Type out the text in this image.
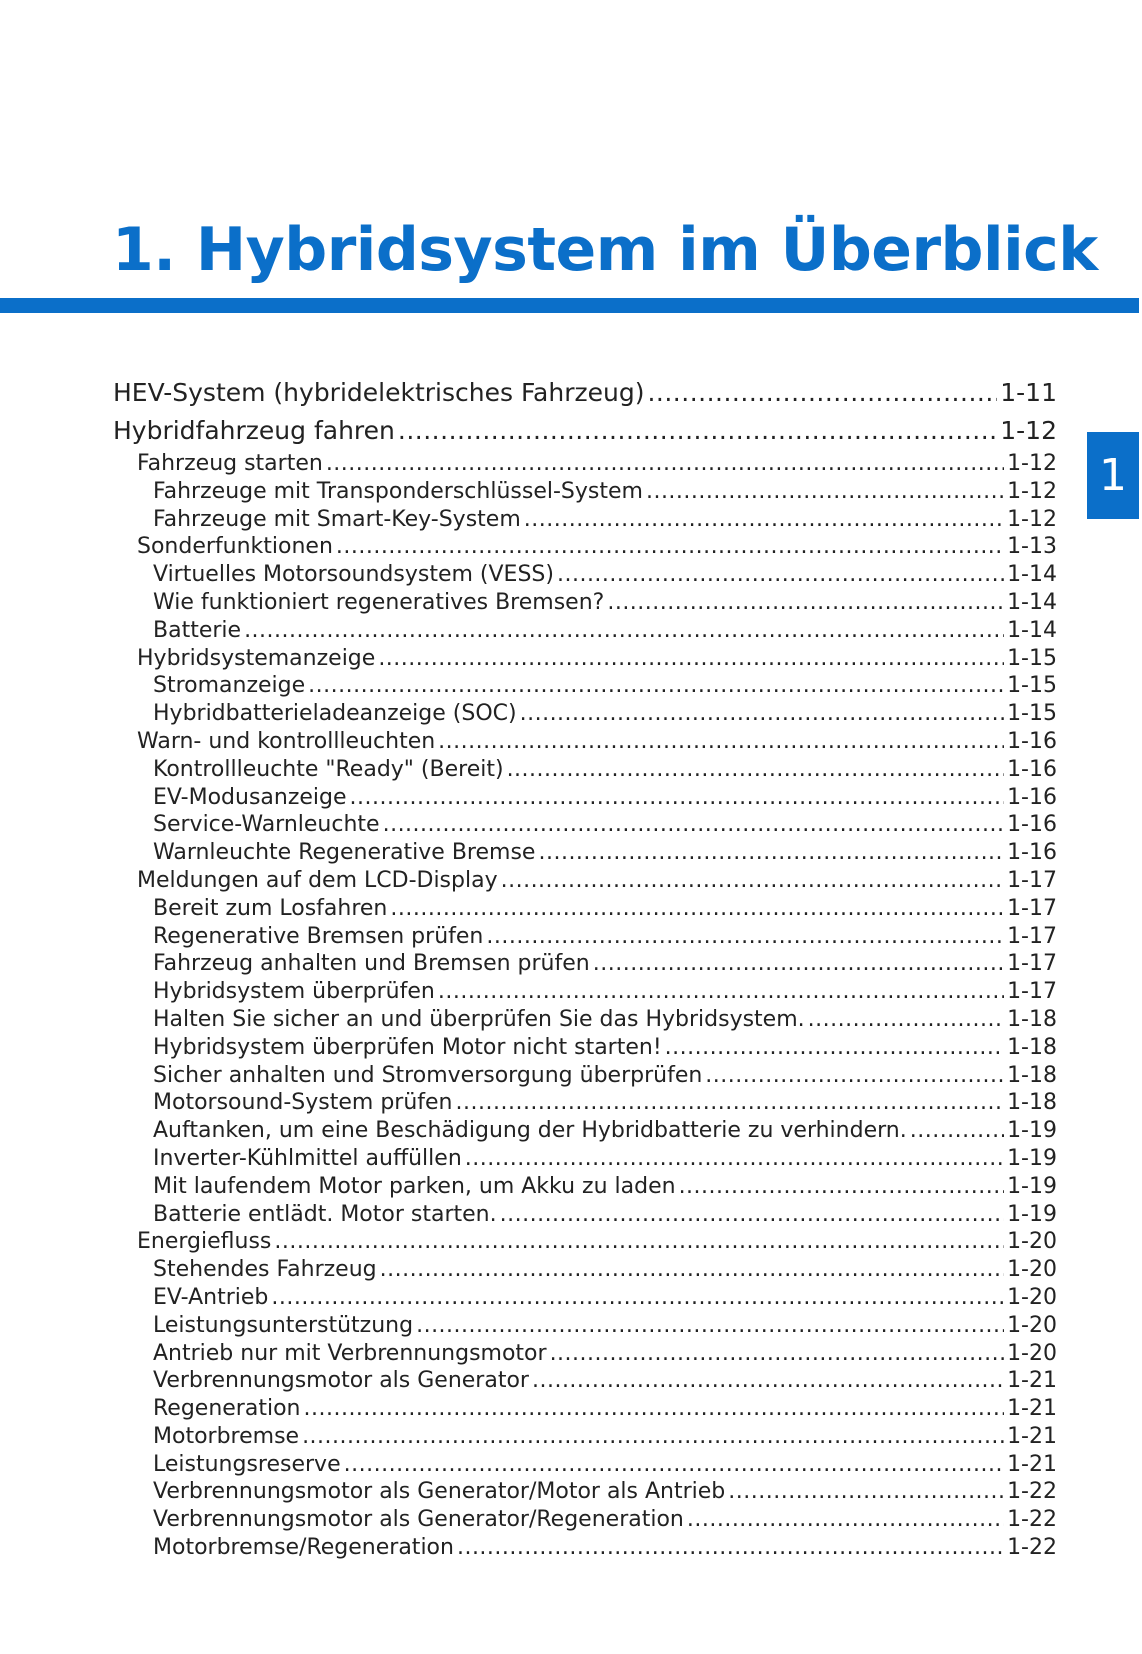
1. Hybridsystem im Überblick
1
HEV-System (hybridelektrisches Fahrzeug) .....	1-11
Hybridfahrzeug fahren .....	1-12
Fahrzeug starten .....	1-12
Fahrzeuge mit Transponderschlüssel-System .....	1-12
Fahrzeuge mit Smart-Key-System .....	1-12
Sonderfunktionen .....	1-13
Virtuelles Motorsoundsystem (VESS) .....	1-14
Wie funktioniert regeneratives Bremsen? .....	1-14
Batterie .....	1-14
Hybridsystemanzeige .....	1-15
Stromanzeige .....	1-15
Hybridbatterieladeanzeige (SOC) .....	1-15
Warn- und kontrollleuchten .....	1-16
Kontrollleuchte "Ready" (Bereit) .....	1-16
EV-Modusanzeige .....	1-16
Service-Warnleuchte .....	1-16
Warnleuchte Regenerative Bremse .....	1-16
Meldungen auf dem LCD-Display .....	1-17
Bereit zum Losfahren .....	1-17
Regenerative Bremsen prüfen .....	1-17
Fahrzeug anhalten und Bremsen prüfen .....	1-17
Hybridsystem überprüfen .....	1-17
Halten Sie sicher an und überprüfen Sie das Hybridsystem. .....	1-18
Hybridsystem überprüfen Motor nicht starten! .....	1-18
Sicher anhalten und Stromversorgung überprüfen .....	1-18
Motorsound-System prüfen .....	1-18
Auftanken, um eine Beschädigung der Hybridbatterie zu verhindern. .....	1-19
Inverter-Kühlmittel auffüllen .....	1-19
Mit laufendem Motor parken, um Akku zu laden .....	1-19
Batterie entlädt. Motor starten. .....	1-19
Energiefluss .....	1-20
Stehendes Fahrzeug .....	1-20
EV-Antrieb .....	1-20
Leistungsunterstützung .....	1-20
Antrieb nur mit Verbrennungsmotor .....	1-20
Verbrennungsmotor als Generator .....	1-21
Regeneration .....	1-21
Motorbremse .....	1-21
Leistungsreserve .....	1-21
Verbrennungsmotor als Generator/Motor als Antrieb .....	1-22
Verbrennungsmotor als Generator/Regeneration .....	1-22
Motorbremse/Regeneration .....	1-22
